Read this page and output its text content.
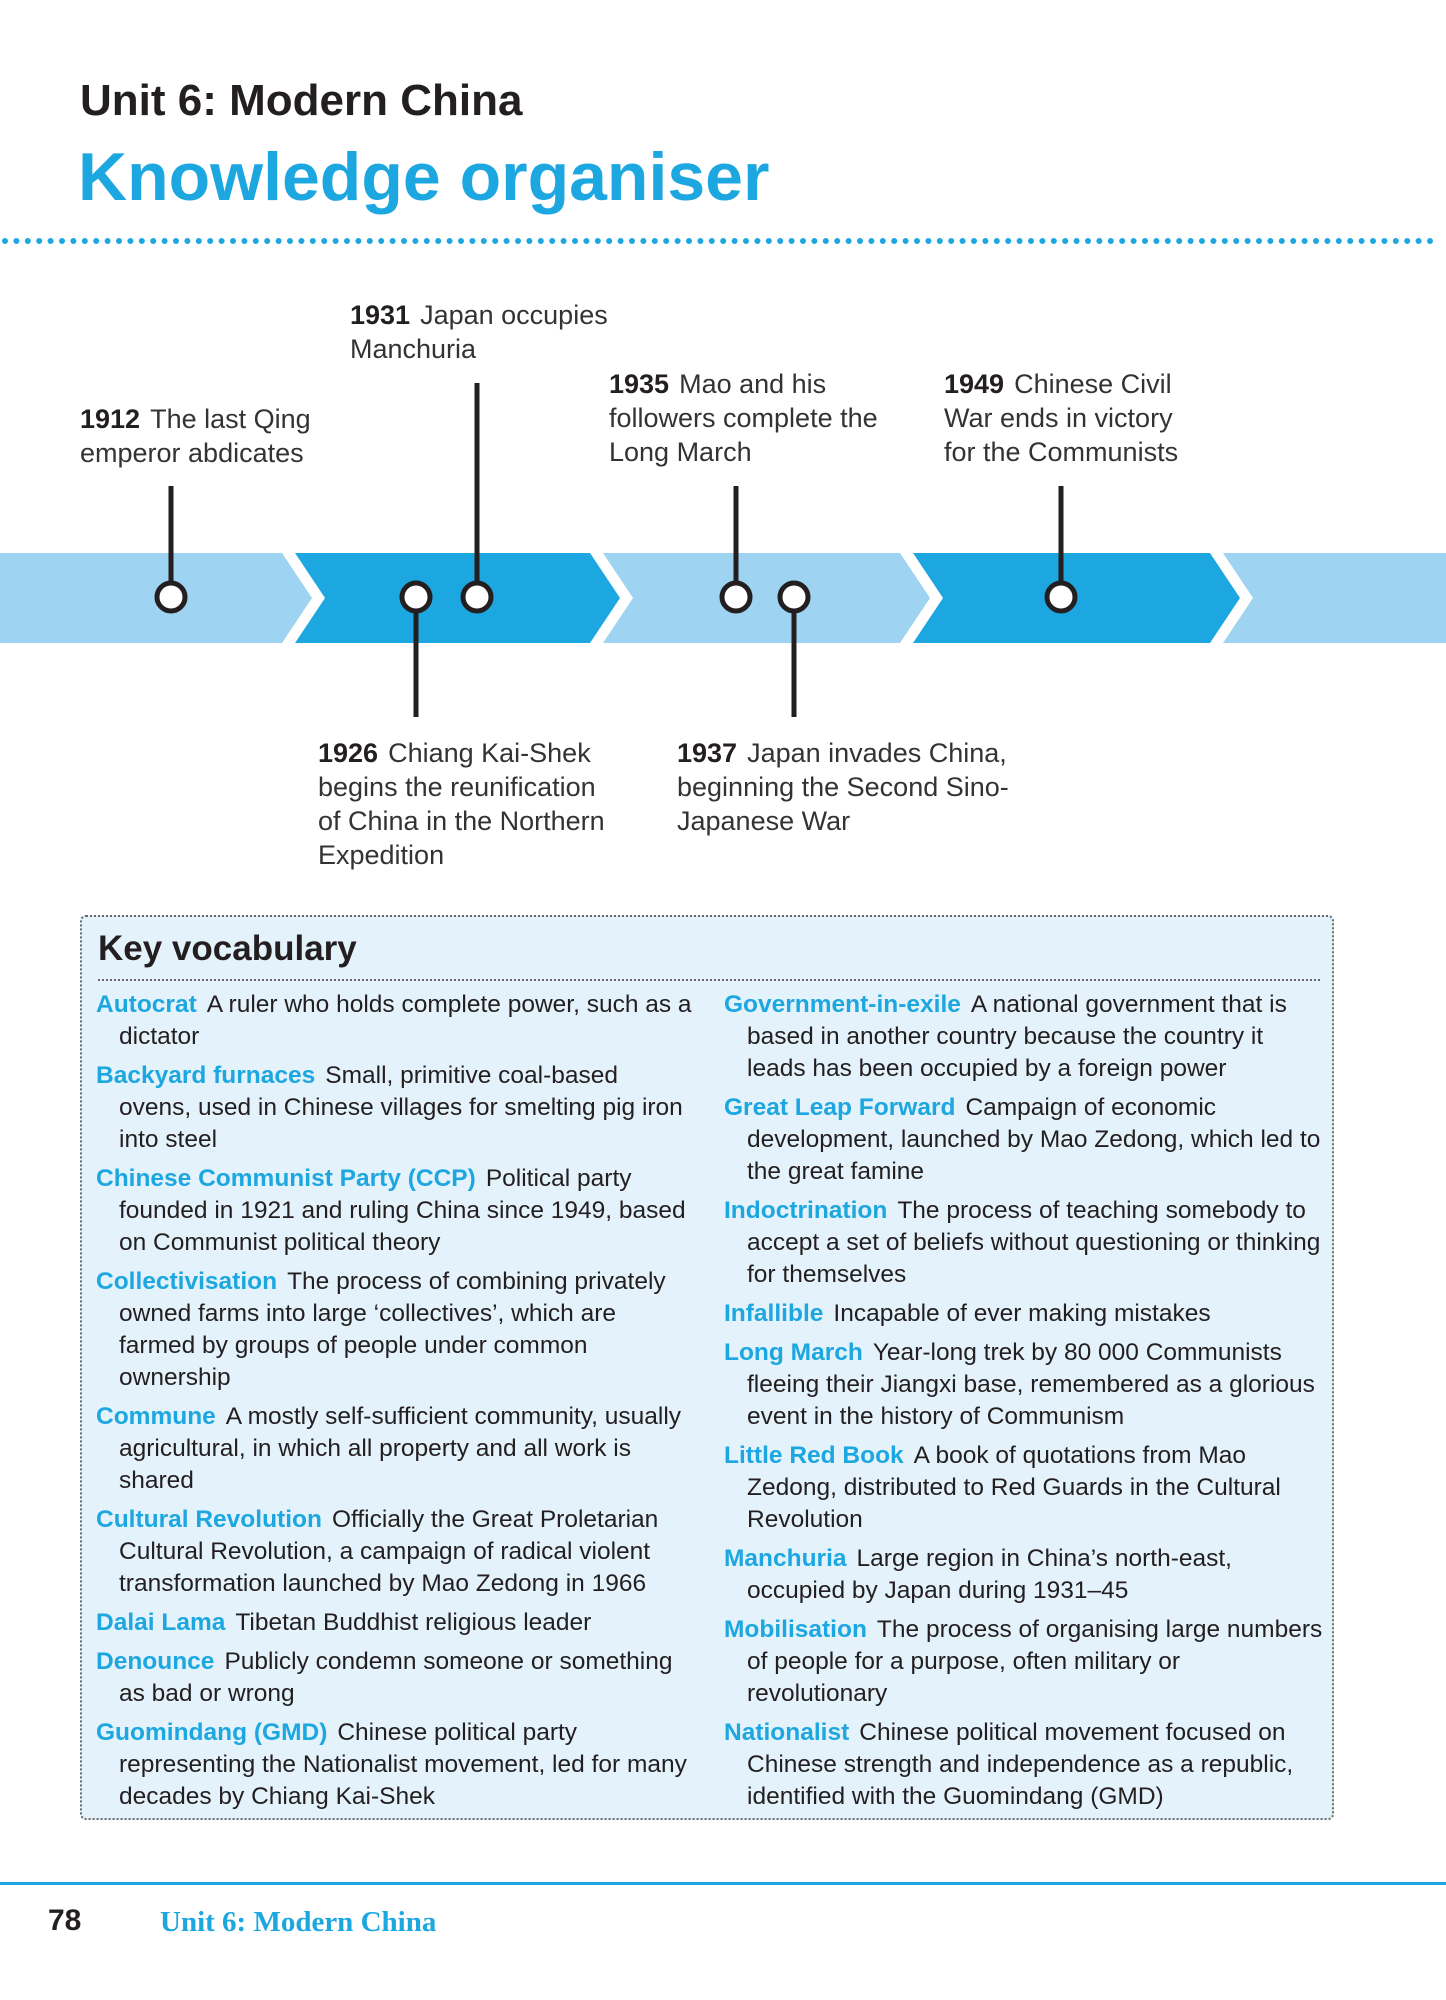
Unit 6: Modern China
Knowledge organiser
1912 The last Qing
emperor abdicates
1931 Japan occupies
Manchuria
1935 Mao and his
followers complete the
Long March
1949 Chinese Civil
War ends in victory
for the Communists
1926 Chiang Kai-Shek
begins the reunification
of China in the Northern
Expedition
1937 Japan invades China,
beginning the Second Sino-
Japanese War
Key vocabulary

Autocrat A ruler who holds complete power, such as a dictator

Backyard furnaces Small, primitive coal-based ovens, used in Chinese villages for smelting pig iron into steel

Chinese Communist Party (CCP) Political party founded in 1921 and ruling China since 1949, based on Communist political theory

Collectivisation The process of combining privately owned farms into large ‘collectives’, which are farmed by groups of people under common ownership

Commune A mostly self-sufficient community, usually agricultural, in which all property and all work is shared

Cultural Revolution Officially the Great Proletarian Cultural Revolution, a campaign of radical violent transformation launched by Mao Zedong in 1966

Dalai Lama Tibetan Buddhist religious leader

Denounce Publicly condemn someone or something as bad or wrong

Guomindang (GMD) Chinese political party representing the Nationalist movement, led for many decades by Chiang Kai-Shek

Government-in-exile A national government that is based in another country because the country it leads has been occupied by a foreign power

Great Leap Forward Campaign of economic development, launched by Mao Zedong, which led to the great famine

Indoctrination The process of teaching somebody to accept a set of beliefs without questioning or thinking for themselves

Infallible Incapable of ever making mistakes

Long March Year-long trek by 80 000 Communists fleeing their Jiangxi base, remembered as a glorious event in the history of Communism

Little Red Book A book of quotations from Mao Zedong, distributed to Red Guards in the Cultural Revolution

Manchuria Large region in China’s north-east, occupied by Japan during 1931–45

Mobilisation The process of organising large numbers of people for a purpose, often military or revolutionary

Nationalist Chinese political movement focused on Chinese strength and independence as a republic, identified with the Guomindang (GMD)

78	Unit 6: Modern China
